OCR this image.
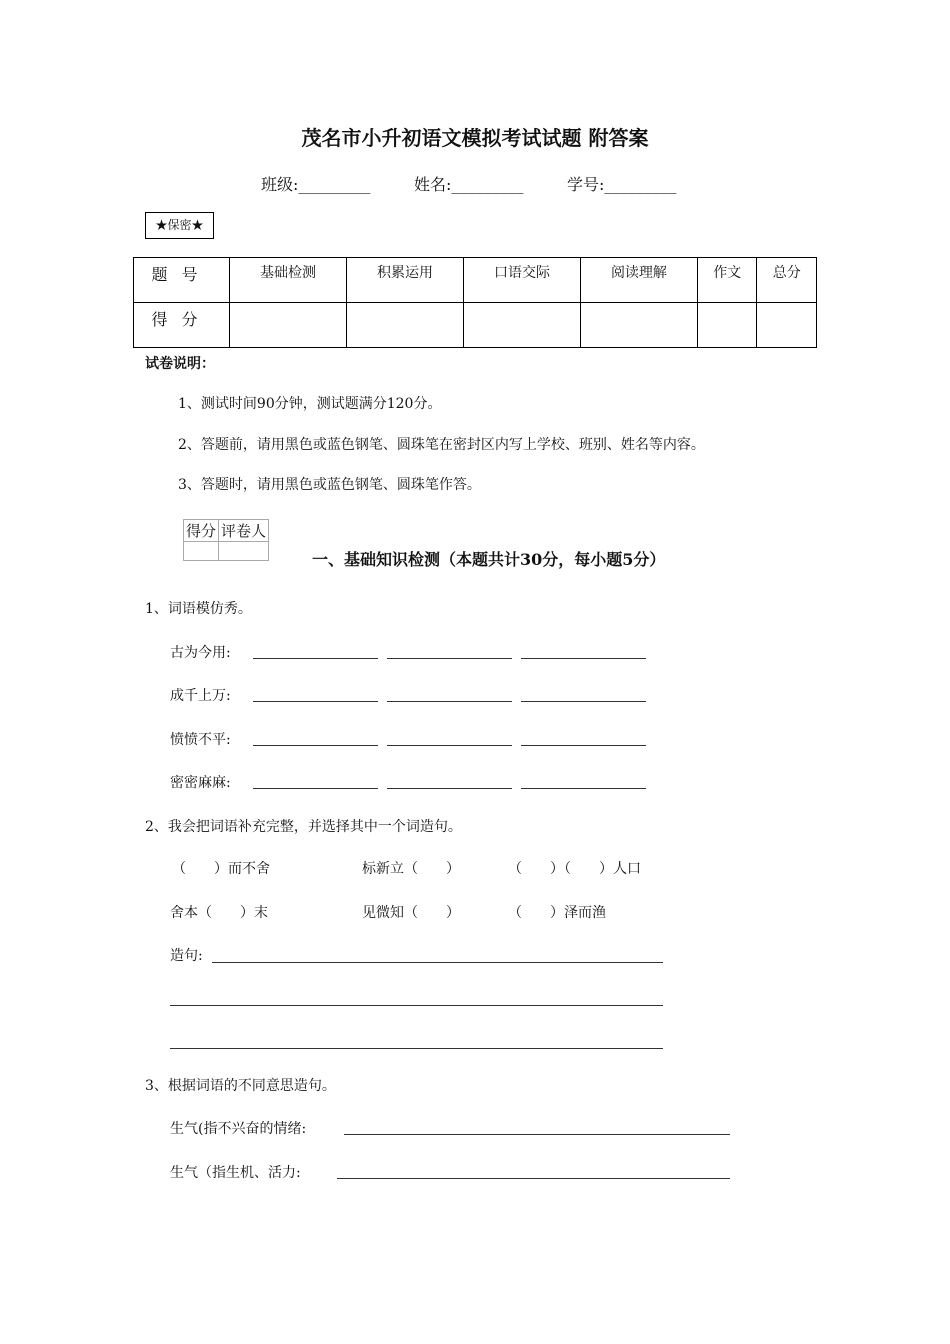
茂名市小升初语文模拟考试试题 附答案
班级:_________	姓名:_________	学号:_________
★保密★
题号	基础检测	积累运用	口语交际	阅读理解	作文	总分
得分						
试卷说明：
1、测试时间90分钟，测试题满分120分。
2、答题前，请用黑色或蓝色钢笔、圆珠笔在密封区内写上学校、班别、姓名等内容。
3、答题时，请用黑色或蓝色钢笔、圆珠笔作答。
得分	评卷人

一、基础知识检测（本题共计30分，每小题5分）
1、词语模仿秀。
古为今用:
成千上万:
愤愤不平:
密密麻麻:
2、我会把词语补充完整，并选择其中一个词造句。
（　　）而不舍	标新立（　　）	（　　）（　　）人口
舍本（　　）末	见微知（　　）	（　　）泽而渔
造句:
3、根据词语的不同意思造句。
生气(指不兴奋的情绪:
生气（指生机、活力:
